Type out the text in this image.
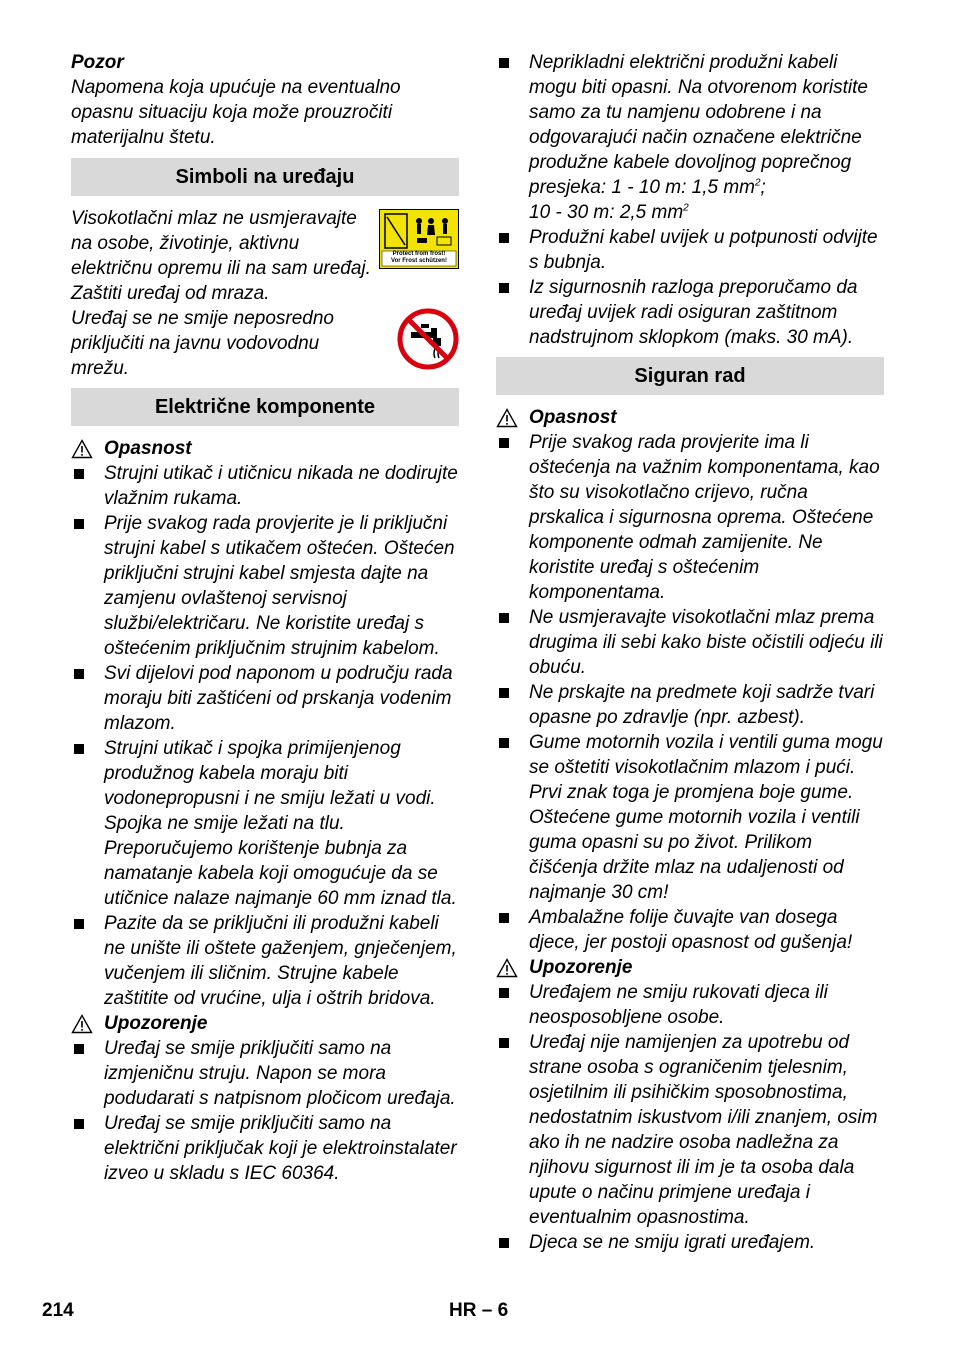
Pozor
Napomena koja upućuje na eventualno opasnu situaciju koja može prouzročiti materijalnu štetu.
Simboli na uređaju
Visokotlačni mlaz ne usmjeravajte na osobe, životinje, aktivnu električnu opremu ili na sam uređaj.
Protect from frost!
Vor Frost schützen!
Zaštiti uređaj od mraza.
Uređaj se ne smije neposredno priključiti na javnu vodovodnu mrežu.
Električne komponente
Opasnost
Strujni utikač i utičnicu nikada ne dodirujte vlažnim rukama.
Prije svakog rada provjerite je li priključni strujni kabel s utikačem oštećen. Oštećen priključni strujni kabel smjesta dajte na zamjenu ovlaštenoj servisnoj službi/električaru. Ne koristite uređaj s oštećenim priključnim strujnim kabelom.
Svi dijelovi pod naponom u području rada moraju biti zaštićeni od prskanja vodenim mlazom.
Strujni utikač i spojka primijenjenog produžnog kabela moraju biti vodonepropusni i ne smiju ležati u vodi. Spojka ne smije ležati na tlu. Preporučujemo korištenje bubnja za namatanje kabela koji omogućuje da se utičnice nalaze najmanje 60 mm iznad tla.
Pazite da se priključni ili produžni kabeli ne unište ili oštete gaženjem, gnječenjem, vučenjem ili sličnim. Strujne kabele zaštitite od vrućine, ulja i oštrih bridova.
Upozorenje
Uređaj se smije priključiti samo na izmjeničnu struju. Napon se mora podudarati s natpisnom pločicom uređaja.
Uređaj se smije priključiti samo na električni priključak koji je elektroinstalater izveo u skladu s IEC 60364.
Neprikladni električni produžni kabeli mogu biti opasni. Na otvorenom koristite samo za tu namjenu odobrene i na odgovarajući način označene električne produžne kabele dovoljnog poprečnog presjeka: 1 - 10 m: 1,5 $mm^2$;
10 - 30 m: 2,5 $mm^2$
Produžni kabel uvijek u potpunosti odvijte s bubnja.
Iz sigurnosnih razloga preporučamo da uređaj uvijek radi osiguran zaštitnom nadstrujnom sklopkom (maks. 30 mA).
Siguran rad
Opasnost
Prije svakog rada provjerite ima li oštećenja na važnim komponentama, kao što su visokotlačno crijevo, ručna prskalica i sigurnosna oprema. Oštećene komponente odmah zamijenite. Ne koristite uređaj s oštećenim komponentama.
Ne usmjeravajte visokotlačni mlaz prema drugima ili sebi kako biste očistili odjeću ili obuću.
Ne prskajte na predmete koji sadrže tvari opasne po zdravlje (npr. azbest).
Gume motornih vozila i ventili guma mogu se oštetiti visokotlačnim mlazom i pući. Prvi znak toga je promjena boje gume. Oštećene gume motornih vozila i ventili guma opasni su po život. Prilikom čišćenja držite mlaz na udaljenosti od najmanje 30 cm!
Ambalažne folije čuvajte van dosega djece, jer postoji opasnost od gušenja!
Upozorenje
Uređajem ne smiju rukovati djeca ili neosposobljene osobe.
Uređaj nije namijenjen za upotrebu od strane osoba s ograničenim tjelesnim, osjetilnim ili psihičkim sposobnostima, nedostatnim iskustvom i/ili znanjem, osim ako ih ne nadzire osoba nadležna za njihovu sigurnost ili im je ta osoba dala upute o načinu primjene uređaja i eventualnim opasnostima.
Djeca se ne smiju igrati uređajem.
214	HR – 6
